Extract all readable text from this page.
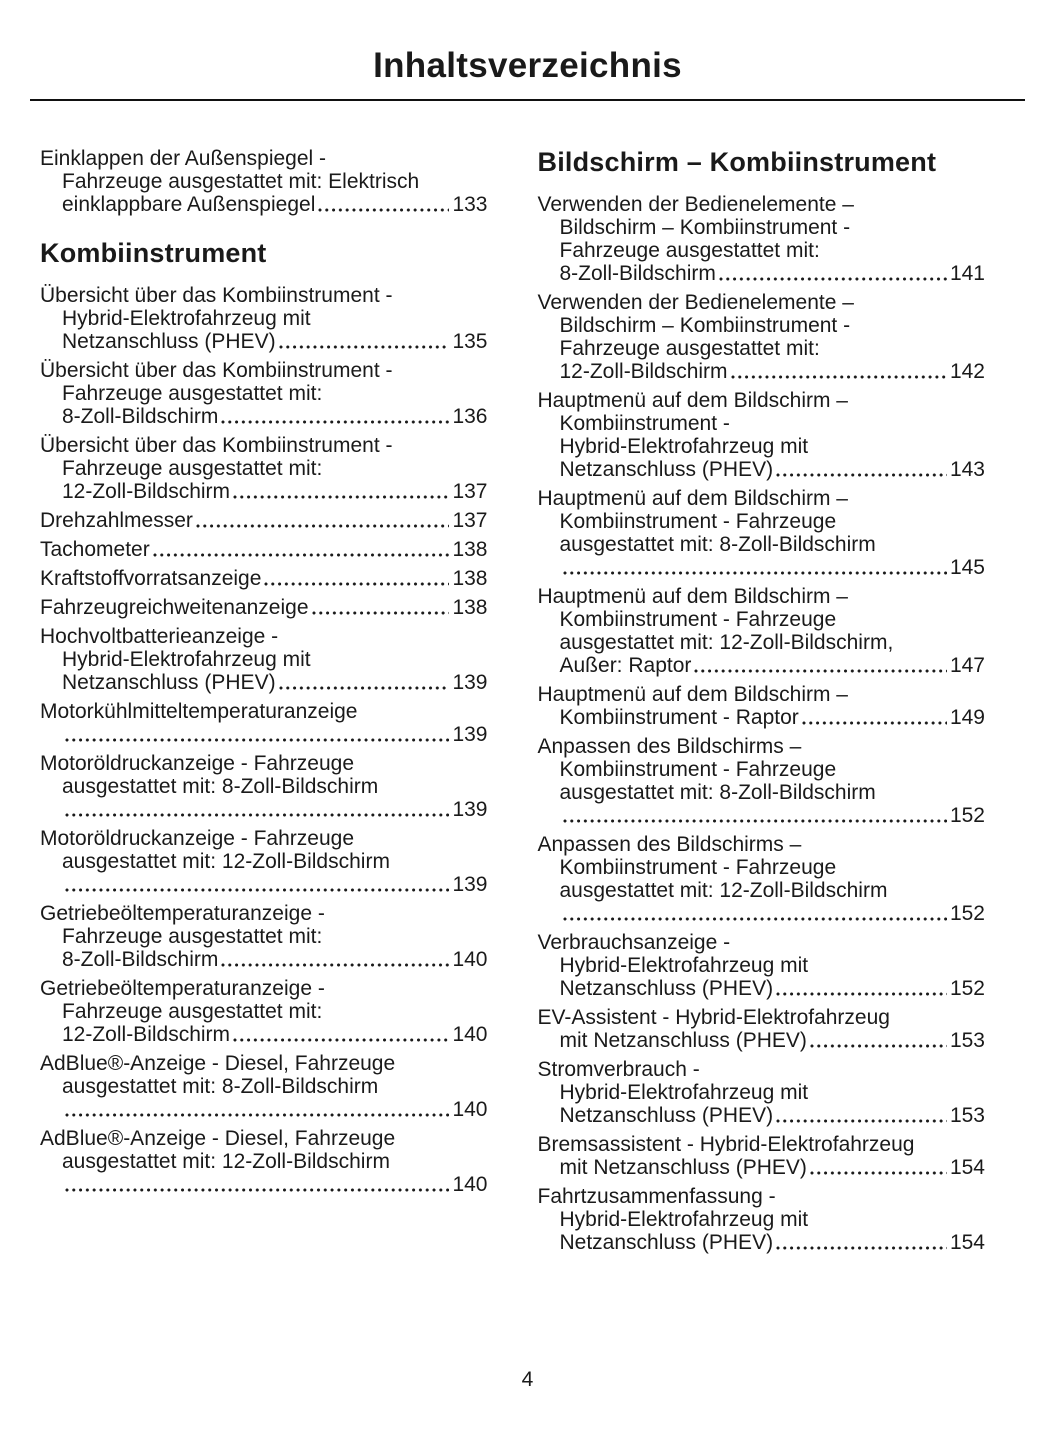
Inhaltsverzeichnis
Einklappen der Außenspiegel -
Fahrzeuge ausgestattet mit: Elektrisch
einklappbare Außenspiegel	133
Kombiinstrument
Übersicht über das Kombiinstrument -
Hybrid-Elektrofahrzeug mit
Netzanschluss (PHEV)	135
Übersicht über das Kombiinstrument -
Fahrzeuge ausgestattet mit:
8-Zoll-Bildschirm	136
Übersicht über das Kombiinstrument -
Fahrzeuge ausgestattet mit:
12-Zoll-Bildschirm	137
Drehzahlmesser	137
Tachometer	138
Kraftstoffvorratsanzeige	138
Fahrzeugreichweitenanzeige	138
Hochvoltbatterieanzeige -
Hybrid-Elektrofahrzeug mit
Netzanschluss (PHEV)	139
Motorkühlmitteltemperaturanzeige
139
Motoröldruckanzeige - Fahrzeuge
ausgestattet mit: 8-Zoll-Bildschirm
139
Motoröldruckanzeige - Fahrzeuge
ausgestattet mit: 12-Zoll-Bildschirm
139
Getriebeöltemperaturanzeige -
Fahrzeuge ausgestattet mit:
8-Zoll-Bildschirm	140
Getriebeöltemperaturanzeige -
Fahrzeuge ausgestattet mit:
12-Zoll-Bildschirm	140
AdBlue®-Anzeige - Diesel, Fahrzeuge
ausgestattet mit: 8-Zoll-Bildschirm
140
AdBlue®-Anzeige - Diesel, Fahrzeuge
ausgestattet mit: 12-Zoll-Bildschirm
140
Bildschirm – Kombiinstrument
Verwenden der Bedienelemente –
Bildschirm – Kombiinstrument -
Fahrzeuge ausgestattet mit:
8-Zoll-Bildschirm	141
Verwenden der Bedienelemente –
Bildschirm – Kombiinstrument -
Fahrzeuge ausgestattet mit:
12-Zoll-Bildschirm	142
Hauptmenü auf dem Bildschirm –
Kombiinstrument -
Hybrid-Elektrofahrzeug mit
Netzanschluss (PHEV)	143
Hauptmenü auf dem Bildschirm –
Kombiinstrument - Fahrzeuge
ausgestattet mit: 8-Zoll-Bildschirm
145
Hauptmenü auf dem Bildschirm –
Kombiinstrument - Fahrzeuge
ausgestattet mit: 12-Zoll-Bildschirm,
Außer: Raptor	147
Hauptmenü auf dem Bildschirm –
Kombiinstrument - Raptor	149
Anpassen des Bildschirms –
Kombiinstrument - Fahrzeuge
ausgestattet mit: 8-Zoll-Bildschirm
152
Anpassen des Bildschirms –
Kombiinstrument - Fahrzeuge
ausgestattet mit: 12-Zoll-Bildschirm
152
Verbrauchsanzeige -
Hybrid-Elektrofahrzeug mit
Netzanschluss (PHEV)	152
EV-Assistent - Hybrid-Elektrofahrzeug
mit Netzanschluss (PHEV)	153
Stromverbrauch -
Hybrid-Elektrofahrzeug mit
Netzanschluss (PHEV)	153
Bremsassistent - Hybrid-Elektrofahrzeug
mit Netzanschluss (PHEV)	154
Fahrtzusammenfassung -
Hybrid-Elektrofahrzeug mit
Netzanschluss (PHEV)	154
4
